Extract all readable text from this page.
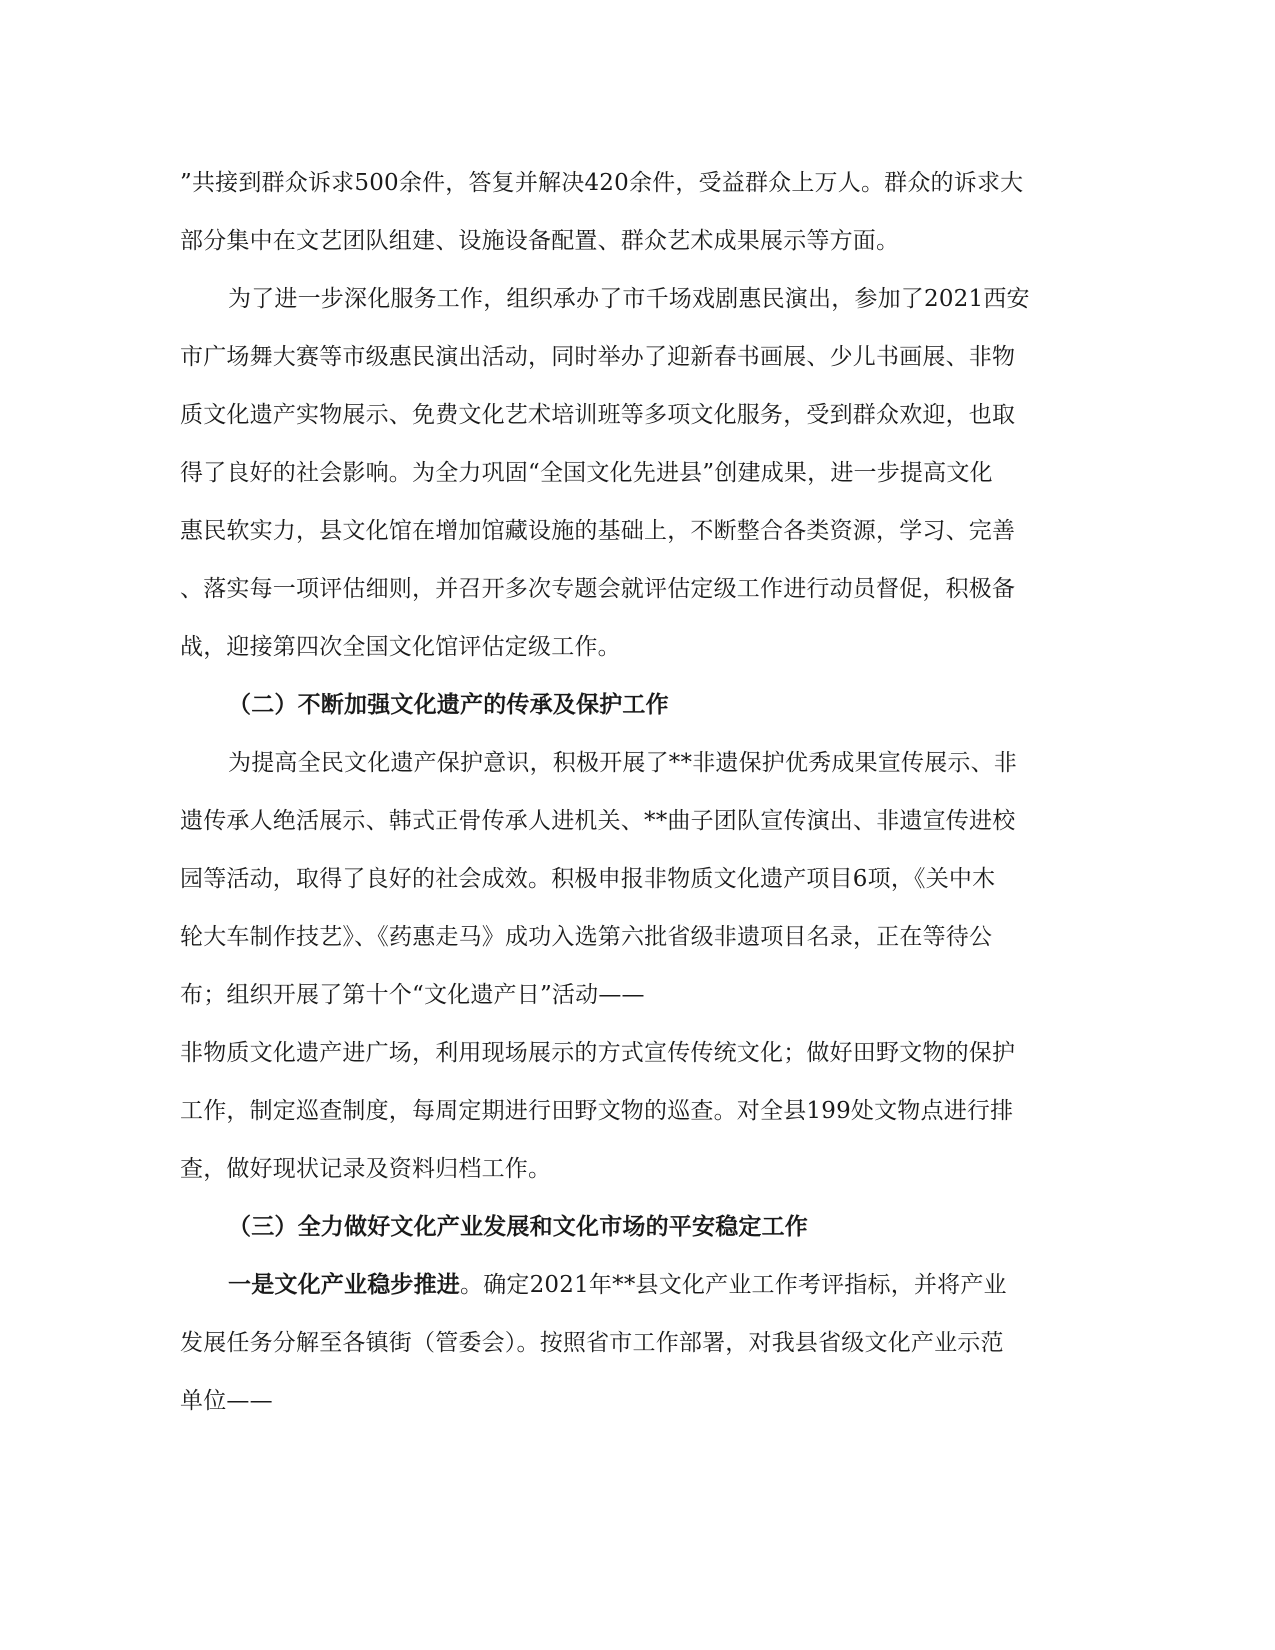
”共接到群众诉求500余件，答复并解决420余件，受益群众上万人。群众的诉求大
部分集中在文艺团队组建、设施设备配置、群众艺术成果展示等方面。
为了进一步深化服务工作，组织承办了市千场戏剧惠民演出，参加了2021西安
市广场舞大赛等市级惠民演出活动，同时举办了迎新春书画展、少儿书画展、非物
质文化遗产实物展示、免费文化艺术培训班等多项文化服务，受到群众欢迎，也取
得了良好的社会影响。为全力巩固“全国文化先进县”创建成果，进一步提高文化
惠民软实力，县文化馆在增加馆藏设施的基础上，不断整合各类资源，学习、完善
、落实每一项评估细则，并召开多次专题会就评估定级工作进行动员督促，积极备
战，迎接第四次全国文化馆评估定级工作。
（二）不断加强文化遗产的传承及保护工作
为提高全民文化遗产保护意识，积极开展了**非遗保护优秀成果宣传展示、非
遗传承人绝活展示、韩式正骨传承人进机关、**曲子团队宣传演出、非遗宣传进校
园等活动，取得了良好的社会成效。积极申报非物质文化遗产项目6项，《关中木
轮大车制作技艺》、《药惠走马》成功入选第六批省级非遗项目名录，正在等待公
布；组织开展了第十个“文化遗产日”活动——
非物质文化遗产进广场，利用现场展示的方式宣传传统文化；做好田野文物的保护
工作，制定巡查制度，每周定期进行田野文物的巡查。对全县199处文物点进行排
查，做好现状记录及资料归档工作。
（三）全力做好文化产业发展和文化市场的平安稳定工作
一是文化产业稳步推进。确定2021年**县文化产业工作考评指标，并将产业
发展任务分解至各镇街（管委会）。按照省市工作部署，对我县省级文化产业示范
单位——
